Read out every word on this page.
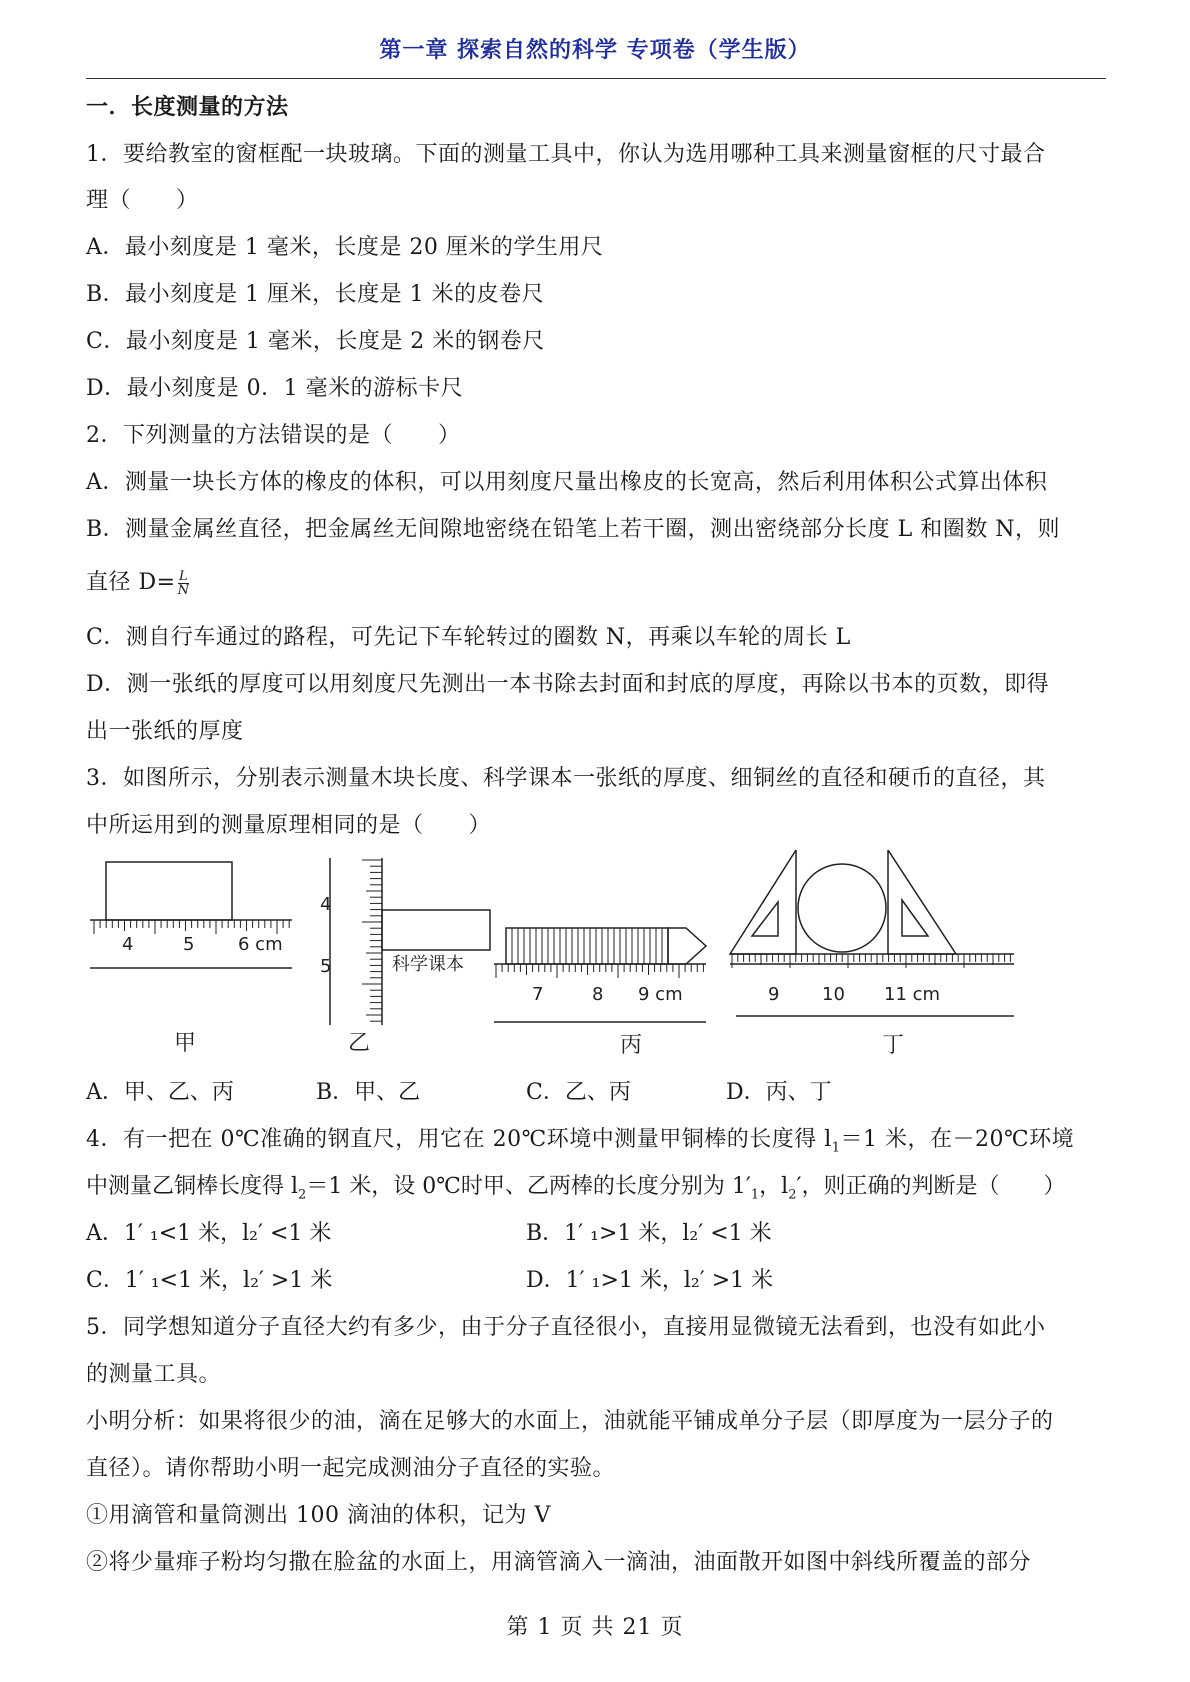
第一章 探索自然的科学 专项卷（学生版）
一．长度测量的方法
1．要给教室的窗框配一块玻璃。下面的测量工具中，你认为选用哪种工具来测量窗框的尺寸最合
理（　　）
A．最小刻度是 1 毫米，长度是 20 厘米的学生用尺
B．最小刻度是 1 厘米，长度是 1 米的皮卷尺
C．最小刻度是 1 毫米，长度是 2 米的钢卷尺
D．最小刻度是 0．1 毫米的游标卡尺
2．下列测量的方法错误的是（　　）
A．测量一块长方体的橡皮的体积，可以用刻度尺量出橡皮的长宽高，然后利用体积公式算出体积
B．测量金属丝直径，把金属丝无间隙地密绕在铅笔上若干圈，测出密绕部分长度 L 和圈数 N，则
直径 $D= \frac{L}{N}$
C．测自行车通过的路程，可先记下车轮转过的圈数 N，再乘以车轮的周长 L
D．测一张纸的厚度可以用刻度尺先测出一本书除去封面和封底的厚度，再除以书本的页数，即得
出一张纸的厚度
3．如图所示，分别表示测量木块长度、科学课本一张纸的厚度、细铜丝的直径和硬币的直径，其
中所运用到的测量原理相同的是（　　）
4	5 6 cm
4
5	科学课本
7	8 9 cm	9 10 11 cm
甲	乙	丙	丁
A．甲、乙、丙	B．甲、乙	C．乙、丙	D．丙、丁
4．有一把在 0℃准确的钢直尺，用它在 20℃环境中测量甲铜棒的长度得 $l_1=1$ 米，在－20℃环境
中测量乙铜棒长度得 $l_2=1$ 米，设 0℃时甲、乙两棒的长度分别为 $1'_1$，$l_2'$，则正确的判断是（　　）
A．1′ ₁<1 米，l₂′ <1 米	B．1′ ₁>1 米，l₂′ <1 米
C．1′ ₁<1 米，l₂′ >1 米	D．1′ ₁>1 米，l₂′ >1 米
5．同学想知道分子直径大约有多少，由于分子直径很小，直接用显微镜无法看到，也没有如此小
的测量工具。
小明分析：如果将很少的油，滴在足够大的水面上，油就能平铺成单分子层（即厚度为一层分子的
直径）。请你帮助小明一起完成测油分子直径的实验。
①用滴管和量筒测出 100 滴油的体积，记为 V
②将少量痱子粉均匀撒在脸盆的水面上，用滴管滴入一滴油，油面散开如图中斜线所覆盖的部分
第 1 页 共 21 页
